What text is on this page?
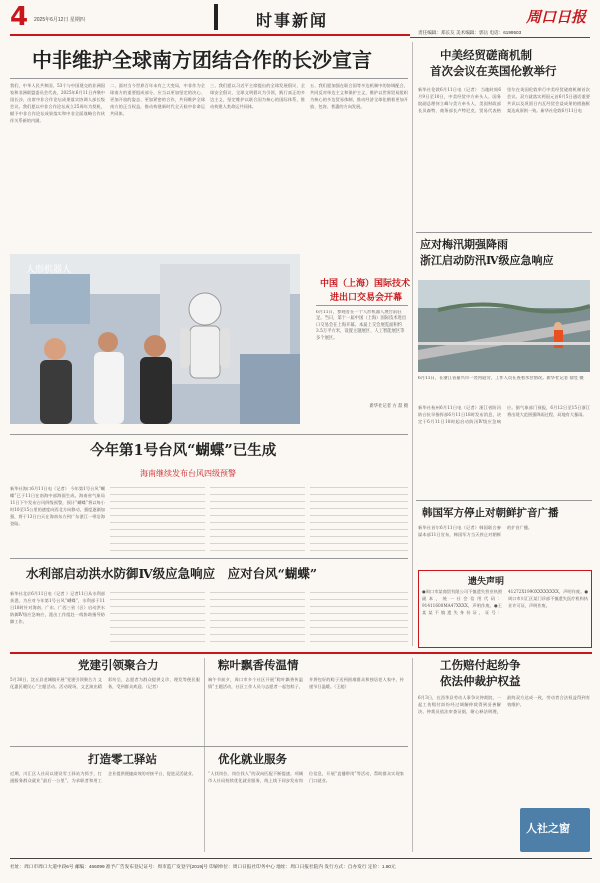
4 2025年6月12日 星期四	时事新闻	周口日报
责任编辑：郑长友 美术编辑：郭岳 电话：6199503
中非维护全球南方团结合作的长沙宣言
我们，中华人民共和国、53个与中国建交的非洲国家和非洲联盟委员会代表，2025年6月11日齐聚中国长沙，出席中非合作论坛成果落实协调人部长级会议。我们愿以中非合作论坛成立25周年为契机，赋予中非合作论坛成果落实和中非全面战略合作伙伴关系新的内涵。
二、面对当今世界百年未有之大变局，中非作为全球南方的重要组成部分，应当以更加坚定的决心、更加开放的姿态、更加紧密的合作，共同维护全球南方的正当权益，推动构建新时代全天候中非命运共同体。
三、我们愿以习近平主席提出的全球发展倡议、全球安全倡议、全球文明倡议为引领，践行真正的多边主义，坚定维护以联合国为核心的国际体系，推动构建人类命运共同体。
五、我们愿加强在联合国等多边机制中的协调配合，共同反对单边主义和保护主义，维护以世界贸易组织为核心的多边贸易体制，推动经济全球化朝着更加开放、包容、普惠的方向发展。
人形机器人
中国（上海）国际技术
进出口交易会开幕
6月11日，参观者在一个人形机器人展台前驻足。当日，第十一届中国（上海）国际技术进出口交易会在上海开幕。本届上交会展览面积约3.5万平方米，设置主题展区、人工智能展区等多个展区。
新华社记者 方 喆 摄
今年第1号台风“蝴蝶”已生成
海南继续发布台风四级预警
新华社海口6月11日电（记者） 今年第1号台风“蝴蝶”已于11日在南海中部海面生成。海南省气象局11日下午发布台风四级预警，预计“蝴蝶”将以每小时10至15公里的速度向西北方向移动，强度逐渐加强，将于13日白天在海南东方到广东湛江一带沿海登陆。
水利部启动洪水防御Ⅳ级应急响应　应对台风“蝴蝶”
新华社北京6月11日电（记者 ）记者11日从水利部获悉，为应对今年第1号台风“蝴蝶”，水利部于11日18时针对海南、广东、广西三省（区）启动洪水防御Ⅳ级应急响应，派出工作组赴一线协助指导防御工作。
中美经贸磋商机制
首次会议在英国伦敦举行
新华社伦敦6月11日电（记者） 当地时间6月9日至10日，中美经贸中方牵头人、国务院副总理何立峰与美方牵头人、美国财政部长贝森特、商务部长卢特尼克、贸易代表格里尔在英国伦敦举行中美经贸磋商机制首次会议。双方就落实两国元首6月5日通话重要共识以及巩固日内瓦经贸会谈成果的措施框架达成原则一致。新华社伦敦6月11日电
应对梅汛期强降雨
浙江启动防汛Ⅳ级应急响应
6月11日，在浙江省嘉兴市一处河道旁，工作人员在查看水位情况。新华社记者 徐昱 摄
新华社杭州6月11日电（记者）浙江省防汛防台抗旱指挥部6月11日18时发布消息，决定于6月11日18时起启动防汛Ⅳ级应急响应。据气象部门预报，6月12日至15日浙江将出现大范围强降雨过程，局地有大暴雨。
韩国军方停止对朝鲜扩音广播
新华社首尔6月11日电（记者）韩国联合参谋本部11日宣布，韩国军方当天停止对朝鲜的扩音广播。
遗失声明
●周口市某商贸有限公司不慎遗失营业执照副本，统一社会信用代码：91411600MA47XXXX，声明作废。●王某某不慎遗失身份证，证号：41272X1990XXXXXXXX，声明作废。●周口市川汇区某门诊部不慎遗失医疗机构执业许可证，声明作废。
党建引领聚合力
5月30日，沈丘县老城镇开展“党建引领聚合力 文化惠民暖民心”主题活动。活动现场，文艺演出精彩纷呈，志愿者为群众提供义诊、理发等便民服务，受到群众欢迎。（记者）
粽叶飘香传温情
端午节前夕，周口市多个社区开展“粽叶飘香传温情”主题活动，社区工作人员与志愿者一起包粽子，并将包好的粽子送到困难群众和独居老人家中，传递节日温暖。（王超）
打造零工驿站
近期，川汇区人社局以建设零工驿站为抓手，打通服务群众就业“最后一公里”，为求职者和用工企业提供便捷高效的对接平台，促进灵活就业。
优化就业服务
“人找岗位、岗位找人”的双向匹配不断提速。项城市人社局持续优化就业服务，线上线下同步发布岗位信息，开展“直播带岗”等活动，帮助群众实现家门口就业。
工伤赔付起纷争
依法仲裁护权益
6月3日，在西华县劳动人事争议仲裁院，一起工伤赔付纠纷经过调解仲裁得到妥善解决。仲裁员依法审查证据，耐心释法明理，最终双方达成一致，劳动者合法权益得到有效维护。
人社之窗
社址：周口市周口大道中段6号 邮编：466099 准予广告发布登记证号：周市监广发登字[2019]号 印刷单位：周口日报社印务中心 地址：周口日报社院内 发行方式：自办发行 定价：1.80元
